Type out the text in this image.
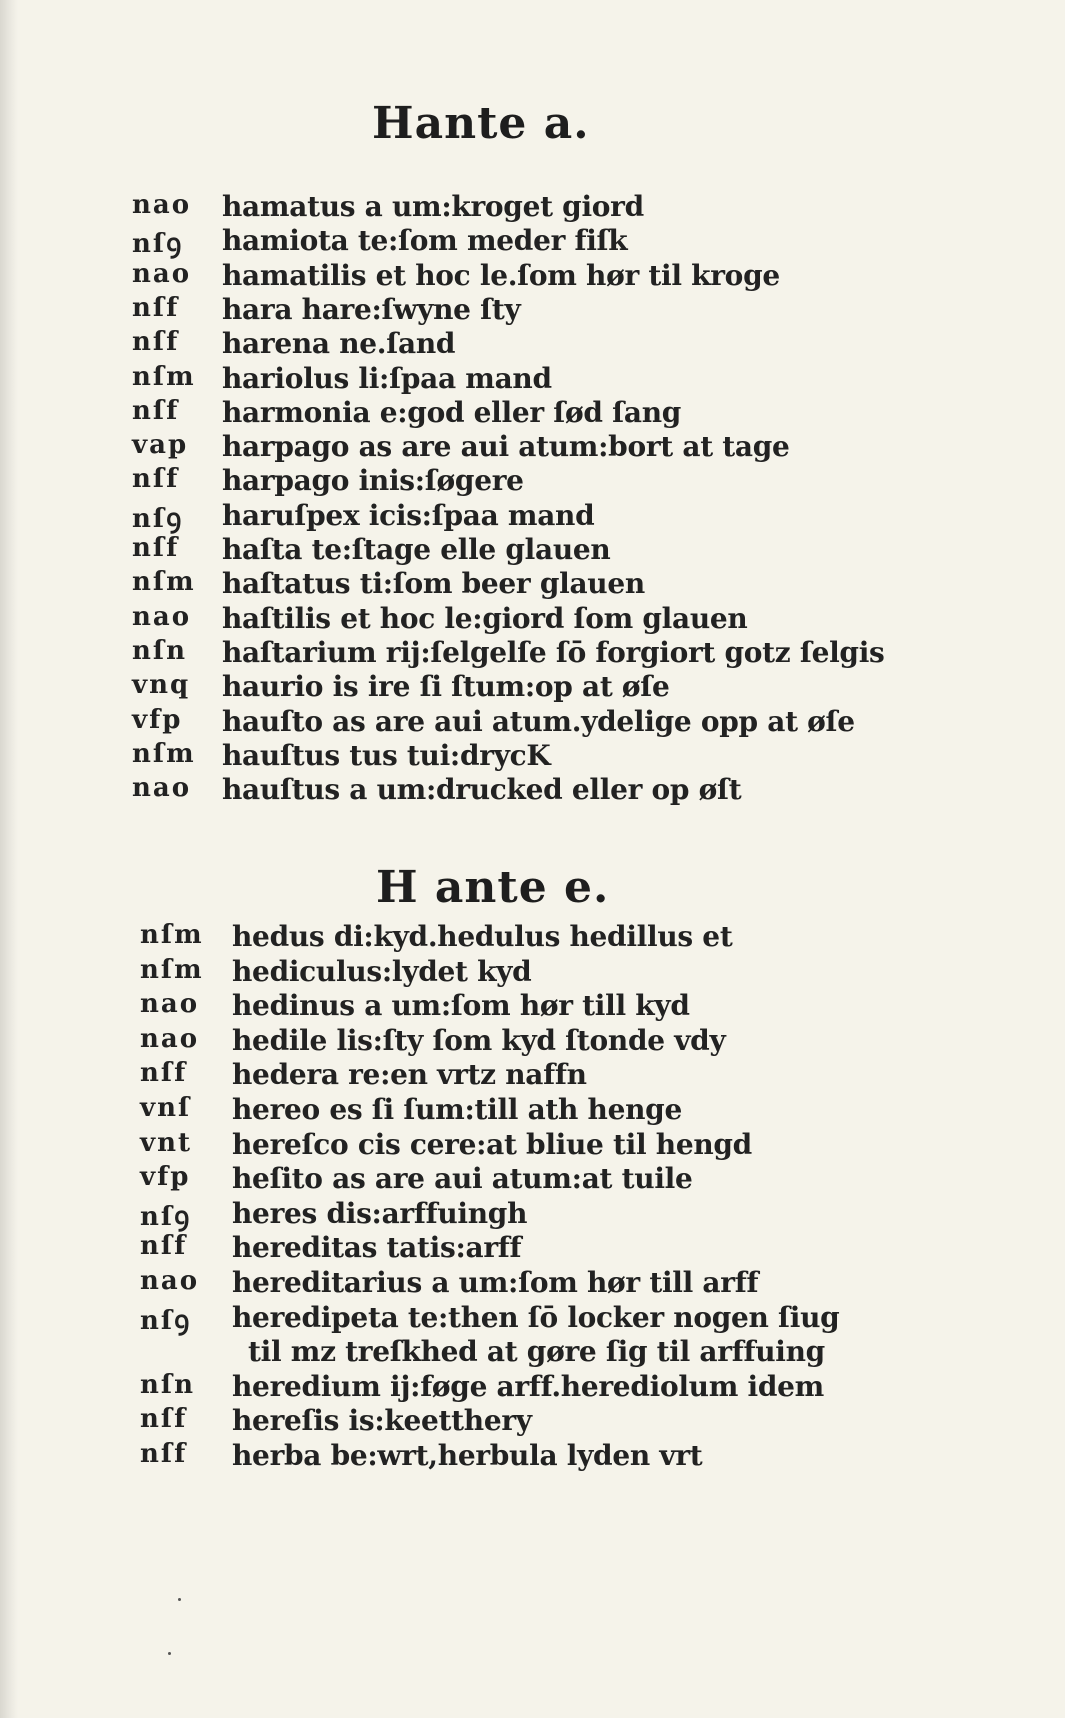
Hante a.
nao hamatus a um:kroget giord
nſꝯ hamiota te:ſom meder fiſk
nao hamatilis et hoc le.ſom hør til kroge
nſf hara hare:ſwyne ſty
nſf harena ne.ſand
nſm hariolus li:ſpaa mand
nſf harmonia e:god eller ſød ſang
vap harpago as are aui atum:bort at tage
nſf harpago inis:ſøgere
nſꝯ haruſpex icis:ſpaa mand
nſf haſta te:ſtage elle glauen
nſm haſtatus ti:ſom beer glauen
nao haſtilis et hoc le:giord ſom glauen
nſn haſtarium rij:ſelgelſe ſō forgiort gotz ſelgis
vnq haurio is ire ſi ſtum:op at øſe
vfp hauſto as are aui atum.ydelige opp at øſe
nſm hauſtus tus tui:drycK
nao hauſtus a um:drucked eller op øſt
H ante e.
nſm hedus di:kyd.hedulus hedillus et
nſm hediculus:lydet kyd
nao hedinus a um:ſom hør till kyd
nao hedile lis:ſty ſom kyd ſtonde vdy
nſf hedera re:en vrtz naffn
vnſ hereo es ſi ſum:till ath henge
vnt hereſco cis cere:at bliue til hengd
vfp heſito as are aui atum:at tuile
nſꝯ heres dis:arffuingh
nſf hereditas tatis:arff
nao hereditarius a um:ſom hør till arff
nſꝯ heredipeta te:then ſō locker nogen ſiug
til mz treſkhed at gøre ſig til arffuing
nſn heredium ij:føge arff.herediolum idem
nſf hereſis is:keetthery
nſf herba be:wrt,herbula lyden vrt
